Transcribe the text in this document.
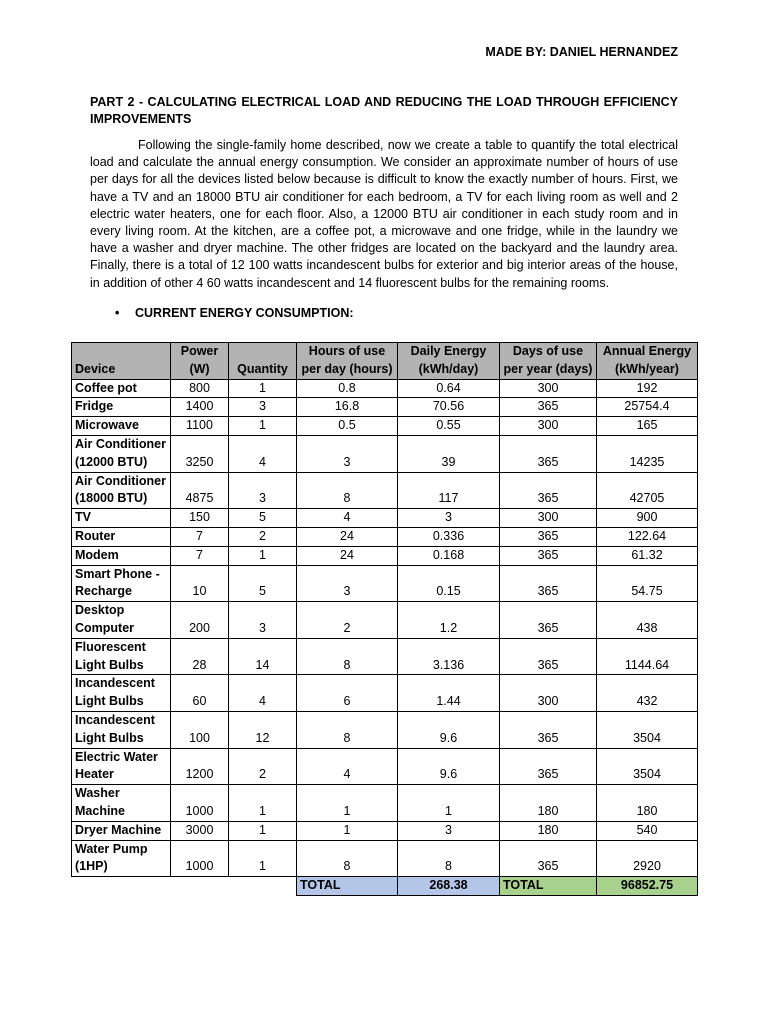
MADE BY: DANIEL HERNANDEZ
PART 2 - CALCULATING ELECTRICAL LOAD AND REDUCING THE LOAD THROUGH EFFICIENCY IMPROVEMENTS

Following the single-family home described, now we create a table to quantify the total electrical load and calculate the annual energy consumption. We consider an approximate number of hours of use per days for all the devices listed below because is difficult to know the exactly number of hours. First, we have a TV and an 18000 BTU air conditioner for each bedroom, a TV for each living room as well and 2 electric water heaters, one for each floor. Also, a 12000 BTU air conditioner in each study room and in every living room. At the kitchen, are a coffee pot, a microwave and one fridge, while in the laundry we have a washer and dryer machine. The other fridges are located on the backyard and the laundry area. Finally, there is a total of 12 100 watts incandescent bulbs for exterior and big interior areas of the house, in addition of other 4 60 watts incandescent and 14 fluorescent bulbs for the remaining rooms.

• CURRENT ENERGY CONSUMPTION:
Device	Power (W)	Quantity	Hours of use per day (hours)	Daily Energy (kWh/day)	Days of use per year (days)	Annual Energy (kWh/year)
Coffee pot	800	1	0.8	0.64	300	192
Fridge	1400	3	16.8	70.56	365	25754.4
Microwave	1100	1	0.5	0.55	300	165
Air Conditioner (12000 BTU)	3250	4	3	39	365	14235
Air Conditioner (18000 BTU)	4875	3	8	117	365	42705
TV	150	5	4	3	300	900
Router	7	2	24	0.336	365	122.64
Modem	7	1	24	0.168	365	61.32
Smart Phone - Recharge	10	5	3	0.15	365	54.75
Desktop Computer	200	3	2	1.2	365	438
Fluorescent Light Bulbs	28	14	8	3.136	365	1144.64
Incandescent Light Bulbs	60	4	6	1.44	300	432
Incandescent Light Bulbs	100	12	8	9.6	365	3504
Electric Water Heater	1200	2	4	9.6	365	3504
Washer Machine	1000	1	1	1	180	180
Dryer Machine	3000	1	1	3	180	540
Water Pump (1HP)	1000	1	8	8	365	2920
			TOTAL	268.38	TOTAL	96852.75
